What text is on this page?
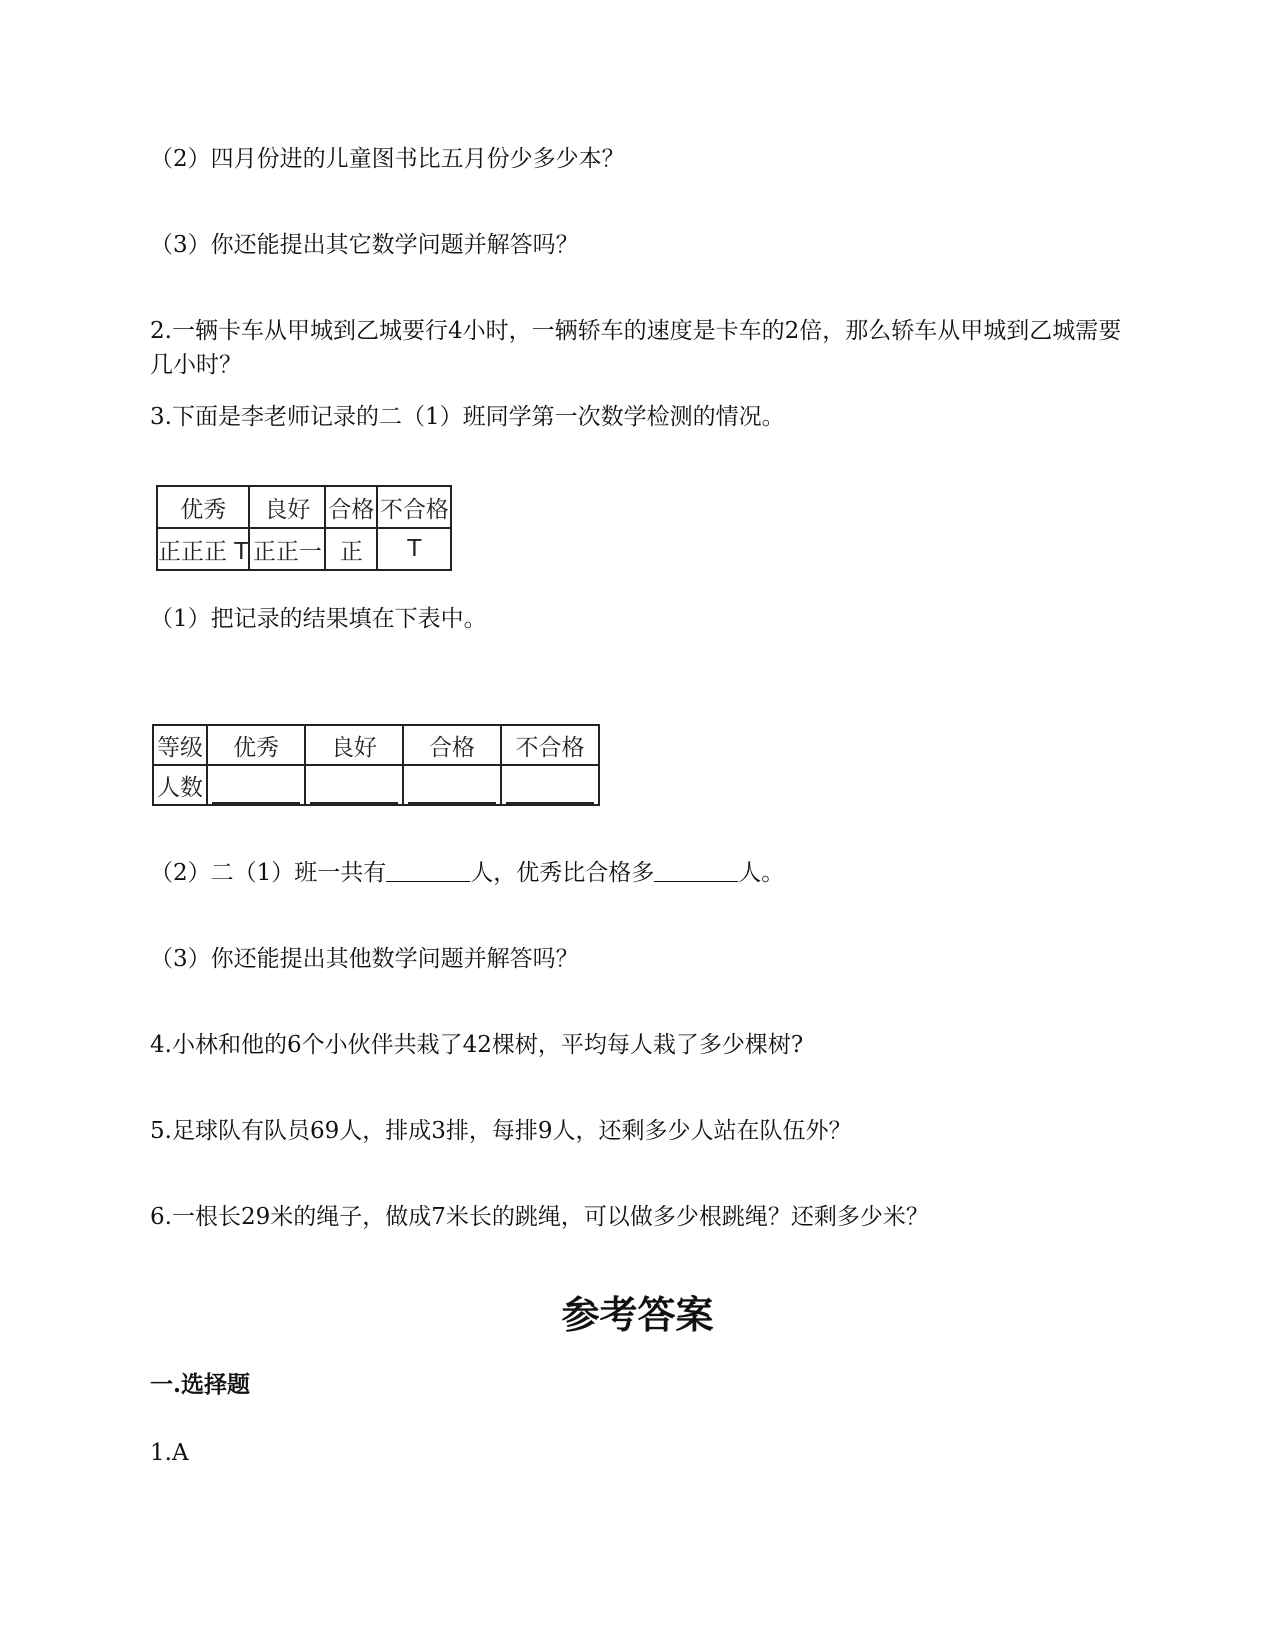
（2）四月份进的儿童图书比五月份少多少本？
（3）你还能提出其它数学问题并解答吗？
2.一辆卡车从甲城到乙城要行4小时，一辆轿车的速度是卡车的2倍，那么轿车从甲城到乙城需要几小时？
3.下面是李老师记录的二（1）班同学第一次数学检测的情况。
优秀	良好	合格	不合格
正正正 T	正正一	正	T
（1）把记录的结果填在下表中。
等级	优秀	良好	合格	不合格
人数	

（2）二（1）班一共有	人，优秀比合格多	人。
（3）你还能提出其他数学问题并解答吗？
4.小林和他的6个小伙伴共栽了42棵树，平均每人栽了多少棵树?
5.足球队有队员69人，排成3排，每排9人，还剩多少人站在队伍外？
6.一根长29米的绳子，做成7米长的跳绳，可以做多少根跳绳？还剩多少米？
参考答案
一.选择题
1.A
